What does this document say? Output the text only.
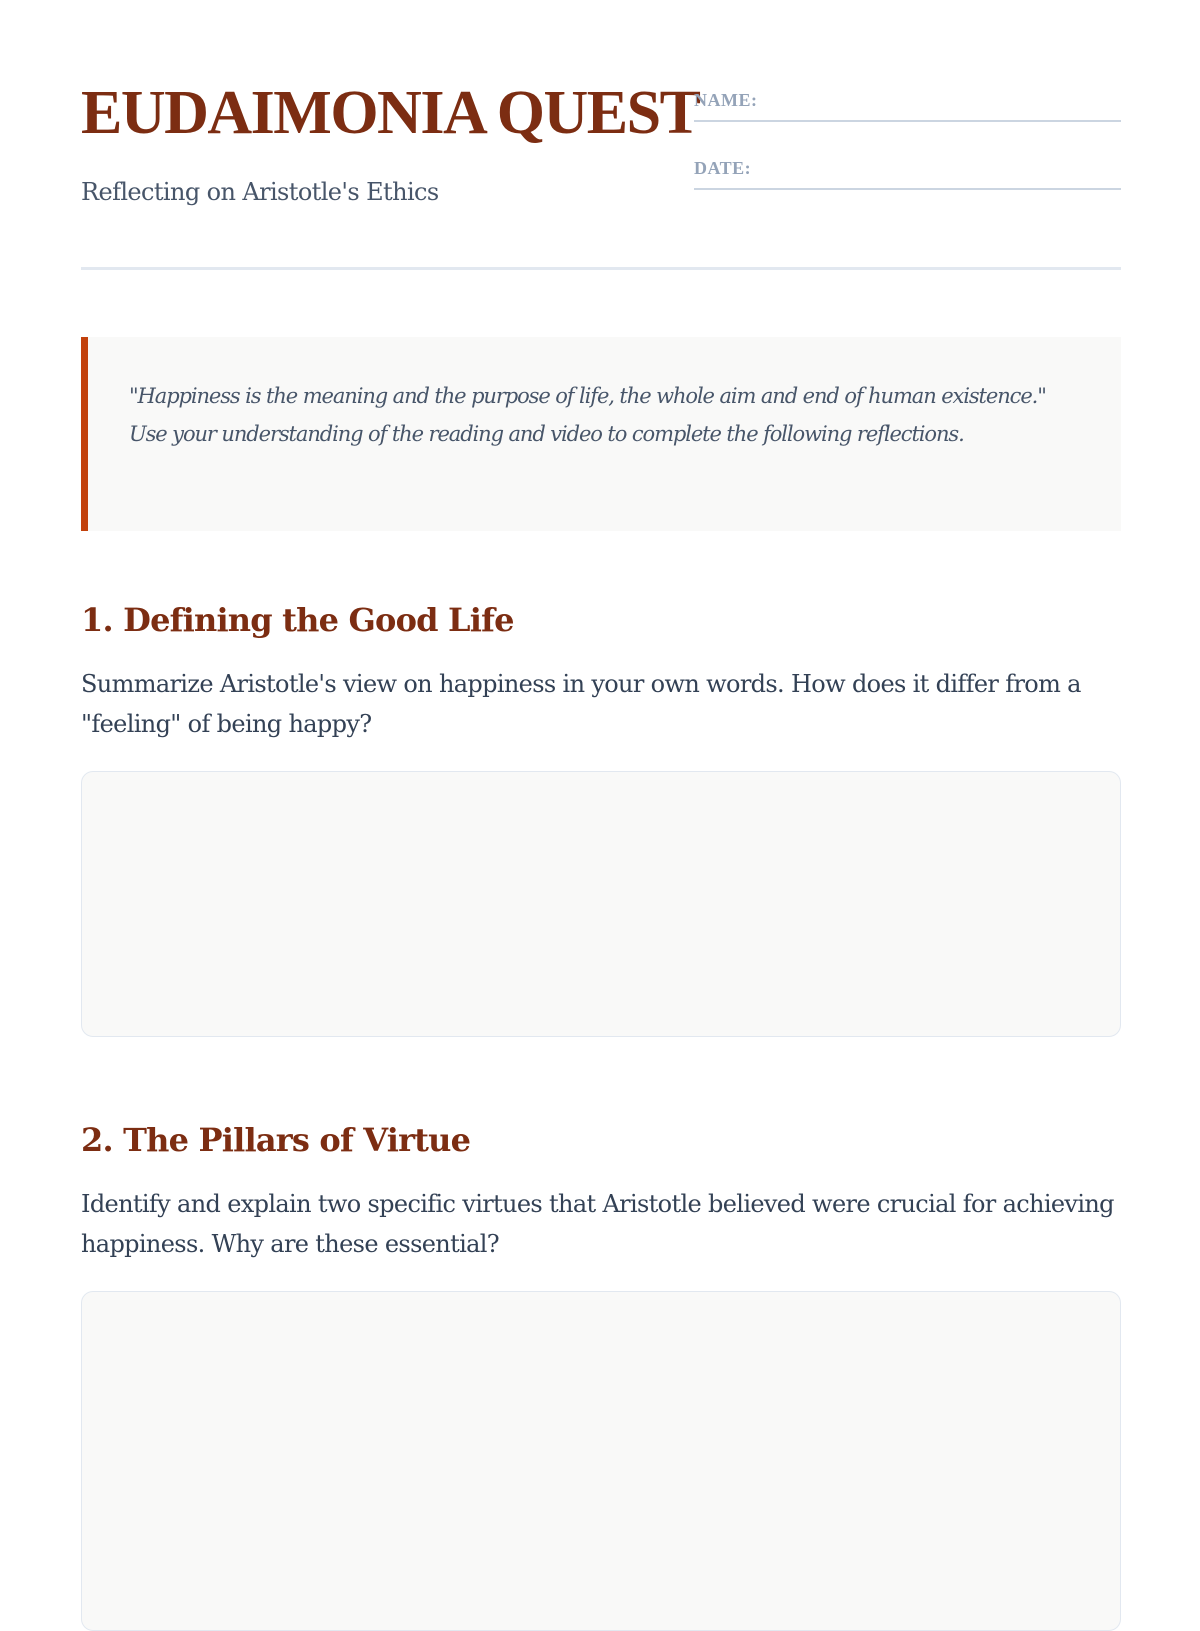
EUDAIMONIA QUEST

Reflecting on Aristotle's Ethics

NAME:
DATE:

"Happiness is the meaning and the purpose of life, the whole aim and end of human existence." Use your understanding of the reading and video to complete the following reflections.

1. Defining the Good Life

Summarize Aristotle's view on happiness in your own words. How does it differ from a "feeling" of being happy?

2. The Pillars of Virtue

Identify and explain two specific virtues that Aristotle believed were crucial for achieving happiness. Why are these essential?
